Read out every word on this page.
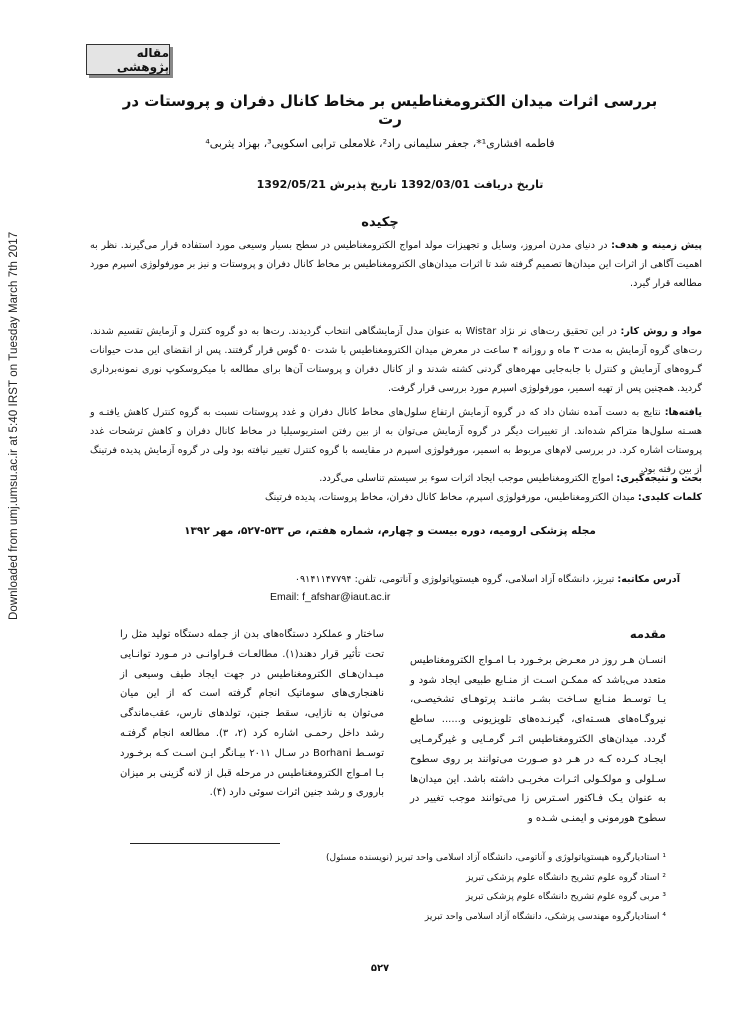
Downloaded from umj.umsu.ac.ir at 5:40 IRST on Tuesday March 7th 2017
مقاله پژوهشی
بررسی اثرات میدان الکترومغناطیس بر مخاط کانال دفران و پروستات در رت
فاطمه افشاری¹*، جعفر سلیمانی راد²، غلامعلی ترابی اسکویی³، بهزاد یثربی⁴
تاریخ دریافت 1392/03/01 تاریخ پذیرش 1392/05/21
چکیده
پیش زمینه و هدف: در دنیای مدرن امروز، وسایل و تجهیزات مولد امواج الکترومغناطیس در سطح بسیار وسیعی مورد استفاده قرار می‌گیرند. نظر به اهمیت آگاهی از اثرات این میدان‌ها تصمیم گرفته شد تا اثرات میدان‌های الکترومغناطیس بر مخاط کانال دفران و پروستات و نیز بر مورفولوژی اسپرم مورد مطالعه قرار گیرد.
مواد و روش کار: در این تحقیق رت‌های نر نژاد Wistar به عنوان مدل آزمایشگاهی انتخاب گردیدند. رت‌ها به دو گروه کنترل و آزمایش تقسیم شدند. رت‌های گروه آزمایش به مدت ۳ ماه و روزانه ۴ ساعت در معرض میدان الکترومغناطیس با شدت ۵۰ گوس قرار گرفتند. پس از انقضای این مدت حیوانات گـروه‌های آزمایش و کنترل با جابه‌جایی مهره‌های گردنی کشته شدند و از کانال دفران و پروستات آن‌ها برای مطالعه با میکروسکوپ نوری نمونه‌برداری گردید. همچنین پس از تهیه اسمیر، مورفولوژی اسپرم مورد بررسی قرار گرفت.
یافته‌ها: نتایج به دست آمده نشان داد که در گروه آزمایش ارتفاع سلول‌های مخاط کانال دفران و غدد پروستات نسبت به گروه کنترل کاهش یافتـه و هسـته سلول‌ها متراکم شده‌اند. از تغییرات دیگر در گروه آزمایش می‌توان به از بین رفتن استریوسیلیا در مخاط کانال دفران و کاهش ترشحات غدد پروستات اشاره کرد. در بررسی لام‌های مربوط به اسمیر، مورفولوژی اسپرم در مقایسه با گروه کنترل تغییر نیافته بود ولی در گروه آزمایش پدیده فرتینگ از بین رفته بود.
بحث و نتیجه‌گیری: امواج الکترومغناطیس موجب ایجاد اثرات سوء بر سیستم تناسلی می‌گردد.
کلمات کلیدی: میدان الکترومغناطیس، مورفولوژی اسپرم، مخاط کانال دفران، مخاط پروستات، پدیده فرتینگ
مجله پزشکی ارومیه، دوره بیست و چهارم، شماره هفتم، ص ۵۳۳-۵۲۷، مهر ۱۳۹۲
آدرس مکاتبه: تبریز، دانشگاه آزاد اسلامی، گروه هیستوپاتولوژی و آناتومی، تلفن: ۰۹۱۴۱۱۴۷۷۹۴
Email: f_afshar@iaut.ac.ir
مقدمه
انسـان هـر روز در معـرض برخـورد بـا امـواج الکترومغناطیس متعدد می‌باشد که ممکـن اسـت از منـابع طبیعی ایجاد شود و یـا توسـط منـابع سـاخت بشـر ماننـد پرتوهـای تشخیصـی، نیروگـاه‌های هسـته‌ای، گیرنـده‌های تلویزیونی و...... ساطع گردد. میدان‌های الکترومغناطیس اثـر گرمـایی و غیرگرمـایی ایجـاد کـرده کـه در هـر دو صـورت می‌توانند بر روی سطوح سـلولی و مولکـولی اثـرات مخربـی داشته باشد. این میدان‌ها به عنوان یـک فـاکتور اسـترس زا می‌توانند موجب تغییر در سطوح هورمونی و ایمنـی شـده و
ساختار و عملکرد دستگاه‌های بدن از جمله دستگاه تولید مثل را تحت تأثیر قرار دهند(۱). مطالعـات فـراوانـی در مـورد توانـایی میـدان‌هـای الکترومغناطیس در جهت ایجاد طیف وسیعی از ناهنجاری‌های سوماتیک انجام گرفته است که از این میان می‌توان به نازایی، سقط جنین، تولدهای نارس، عقب‌ماندگی رشد داخل رحمـی اشاره کرد (۲، ۳). مطالعه انجام گرفتـه توسـط Borhani در سـال ۲۰۱۱ بیـانگر ایـن اسـت کـه برخـورد بـا امـواج الکترومغناطیس در مرحله قبل از لانه گزینی بر میزان باروری و رشد جنین اثرات سوئی دارد (۴).
¹ استادیارگروه هیستوپاتولوژی و آناتومی، دانشگاه آزاد اسلامی واحد تبریز (نویسنده مسئول)
² استاد گروه علوم تشریح دانشگاه علوم پزشکی تبریز
³ مربی گروه علوم تشریح دانشگاه علوم پزشکی تبریز
⁴ استادیارگروه مهندسی پزشکی، دانشگاه آزاد اسلامی واحد تبریز
۵۲۷
